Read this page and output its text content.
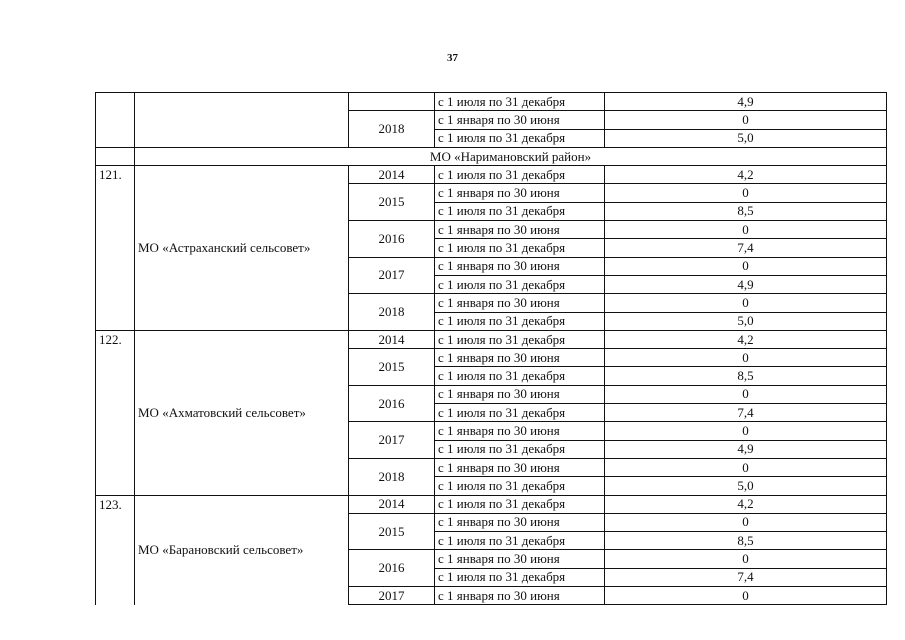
37
			с 1 июля по 31 декабря	4,9
		2018	с 1 января по 30 июня	0
			с 1 июля по 31 декабря	5,0
	МО «Наримановский район»			
121.	МО «Астраханский сельсовет»	2014	с 1 июля по 31 декабря	4,2
		2015	с 1 января по 30 июня	0
			с 1 июля по 31 декабря	8,5
		2016	с 1 января по 30 июня	0
			с 1 июля по 31 декабря	7,4
		2017	с 1 января по 30 июня	0
			с 1 июля по 31 декабря	4,9
		2018	с 1 января по 30 июня	0
			с 1 июля по 31 декабря	5,0
122.	МО «Ахматовский сельсовет»	2014	с 1 июля по 31 декабря	4,2
		2015	с 1 января по 30 июня	0
			с 1 июля по 31 декабря	8,5
		2016	с 1 января по 30 июня	0
			с 1 июля по 31 декабря	7,4
		2017	с 1 января по 30 июня	0
			с 1 июля по 31 декабря	4,9
		2018	с 1 января по 30 июня	0
			с 1 июля по 31 декабря	5,0
123.	МО «Барановский сельсовет»	2014	с 1 июля по 31 декабря	4,2
		2015	с 1 января по 30 июня	0
			с 1 июля по 31 декабря	8,5
		2016	с 1 января по 30 июня	0
			с 1 июля по 31 декабря	7,4
		2017	с 1 января по 30 июня	0
